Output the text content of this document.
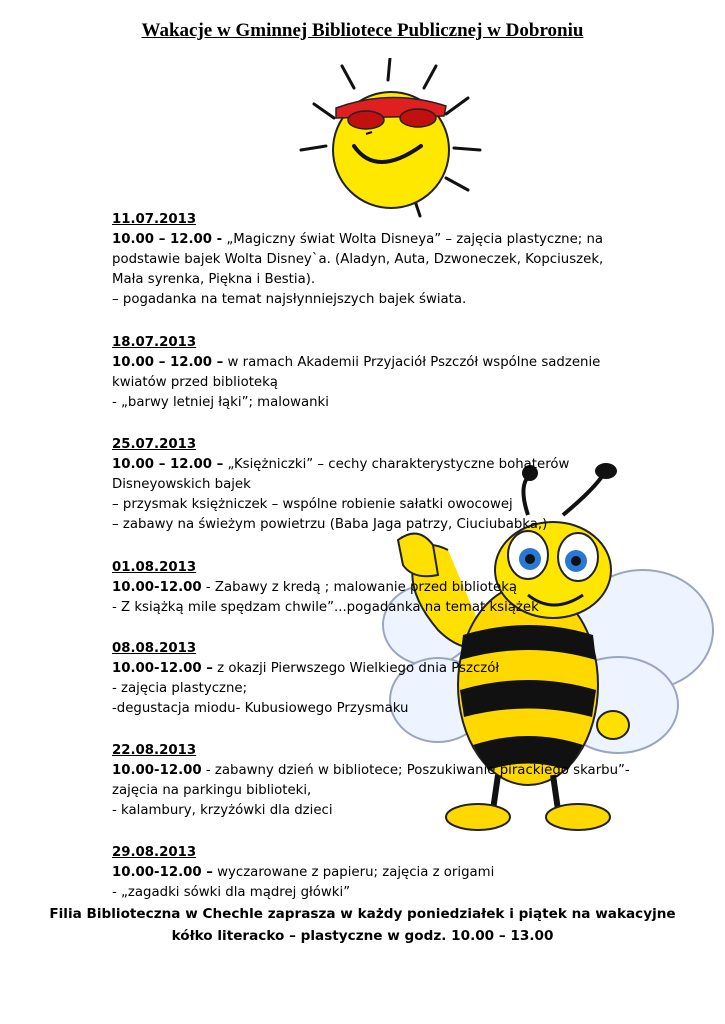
Wakacje w Gminnej Bibliotece Publicznej w Dobroniu

11.07.2013

10.00 – 12.00 - „Magiczny świat Wolta Disneya” – zajęcia plastyczne; na

podstawie bajek Wolta Disney`a. (Aladyn, Auta, Dzwoneczek, Kopciuszek,

Mała syrenka, Piękna i Bestia).

– pogadanka na temat najsłynniejszych bajek świata.

18.07.2013

10.00 – 12.00 – w ramach Akademii Przyjaciół Pszczół wspólne sadzenie

kwiatów przed biblioteką

- „barwy letniej łąki”; malowanki

25.07.2013

10.00 – 12.00 – „Księżniczki” – cechy charakterystyczne bohaterów

Disneyowskich bajek

– przysmak księżniczek – wspólne robienie sałatki owocowej

– zabawy na świeżym powietrzu (Baba Jaga patrzy, Ciuciubabka,)

01.08.2013

10.00-12.00 - Zabawy z kredą ; malowanie przed biblioteką

- Z książką mile spędzam chwile”...pogadanka na temat książek

08.08.2013

10.00-12.00 – z okazji Pierwszego Wielkiego dnia Pszczół

- zajęcia plastyczne;

-degustacja miodu- Kubusiowego Przysmaku

22.08.2013

10.00-12.00 - zabawny dzień w bibliotece; Poszukiwanie pirackiego skarbu”-

zajęcia na parkingu biblioteki,

- kalambury, krzyżówki dla dzieci

29.08.2013

10.00-12.00 – wyczarowane z papieru; zajęcia z origami

- „zagadki sówki dla mądrej główki”

Filia Biblioteczna w Chechle zaprasza w każdy poniedziałek i piątek na wakacyjne
kółko literacko – plastyczne w godz. 10.00 – 13.00
